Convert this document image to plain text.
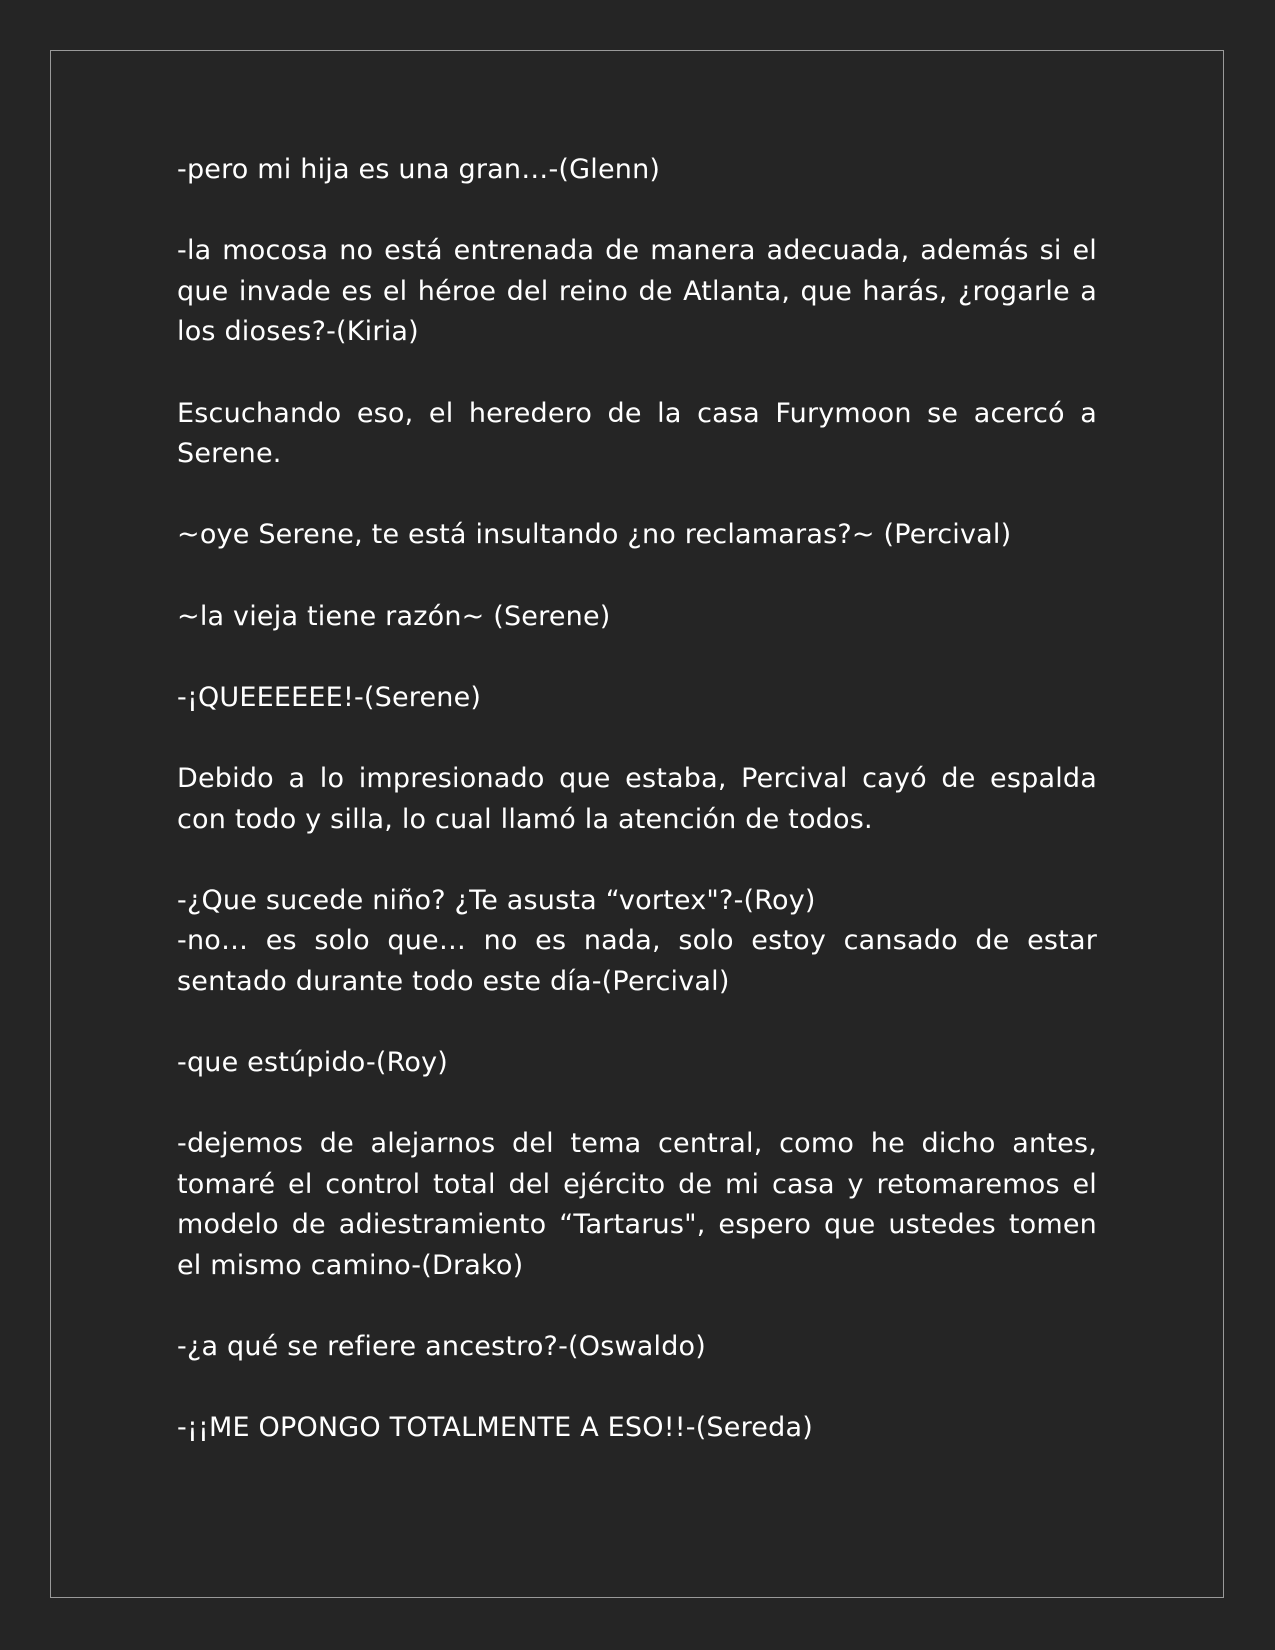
-pero mi hija es una gran…-(Glenn)

-la mocosa no está entrenada de manera adecuada, además si el que invade es el héroe del reino de Atlanta, que harás, ¿rogarle a los dioses?-(Kiria)

Escuchando eso, el heredero de la casa Furymoon se acercó a Serene.

~oye Serene, te está insultando ¿no reclamaras?~ (Percival)

~la vieja tiene razón~ (Serene)

-¡QUEEEEEE!-(Serene)

Debido a lo impresionado que estaba, Percival cayó de espalda con todo y silla, lo cual llamó la atención de todos.

-¿Que sucede niño? ¿Te asusta “vortex"?-(Roy)

-no… es solo que… no es nada, solo estoy cansado de estar sentado durante todo este día-(Percival)

-que estúpido-(Roy)

-dejemos de alejarnos del tema central, como he dicho antes, tomaré el control total del ejército de mi casa y retomaremos el modelo de adiestramiento “Tartarus", espero que ustedes tomen el mismo camino-(Drako)

-¿a qué se refiere ancestro?-(Oswaldo)

-¡¡ME OPONGO TOTALMENTE A ESO!!-(Sereda)
